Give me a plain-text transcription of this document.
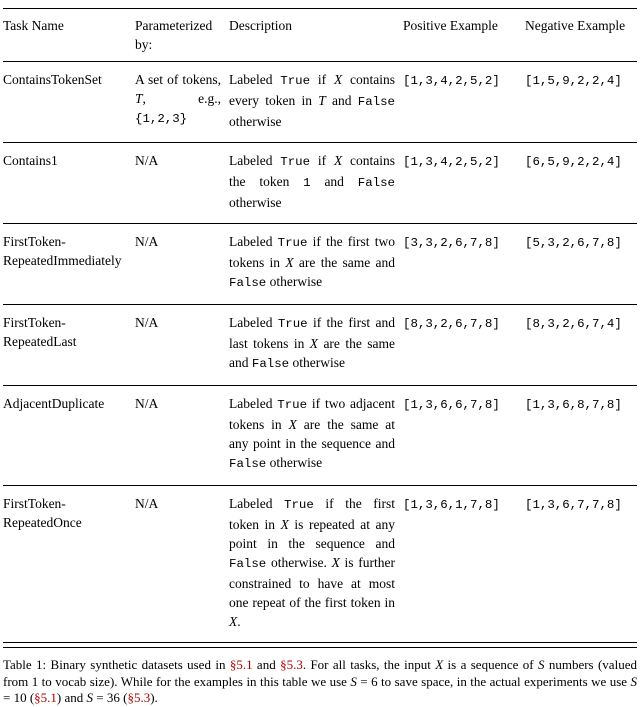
Task Name	Parameterized by:	Description	Positive Example	Negative Example
ContainsTokenSet	A set of tokens, T, e.g., {1,2,3}	Labeled True if X contains every token in T and False otherwise	[1,3,4,2,5,2]	[1,5,9,2,2,4]
Contains1	N/A	Labeled True if X contains the token 1 and False otherwise	[1,3,4,2,5,2]	[6,5,9,2,2,4]
FirstToken-RepeatedImmediately	N/A	Labeled True if the first two tokens in X are the same and False otherwise	[3,3,2,6,7,8]	[5,3,2,6,7,8]
FirstToken-RepeatedLast	N/A	Labeled True if the first and last tokens in X are the same and False otherwise	[8,3,2,6,7,8]	[8,3,2,6,7,4]
AdjacentDuplicate	N/A	Labeled True if two adjacent tokens in X are the same at any point in the sequence and False otherwise	[1,3,6,6,7,8]	[1,3,6,8,7,8]
FirstToken-RepeatedOnce	N/A	Labeled True if the first token in X is repeated at any point in the sequence and False otherwise. X is further constrained to have at most one repeat of the first token in X.	[1,3,6,1,7,8]	[1,3,6,7,7,8]

Table 1: Binary synthetic datasets used in §5.1 and §5.3. For all tasks, the input X is a sequence of S numbers (valued from 1 to vocab size). While for the examples in this table we use S = 6 to save space, in the actual experiments we use S = 10 (§5.1) and S = 36 (§5.3).
